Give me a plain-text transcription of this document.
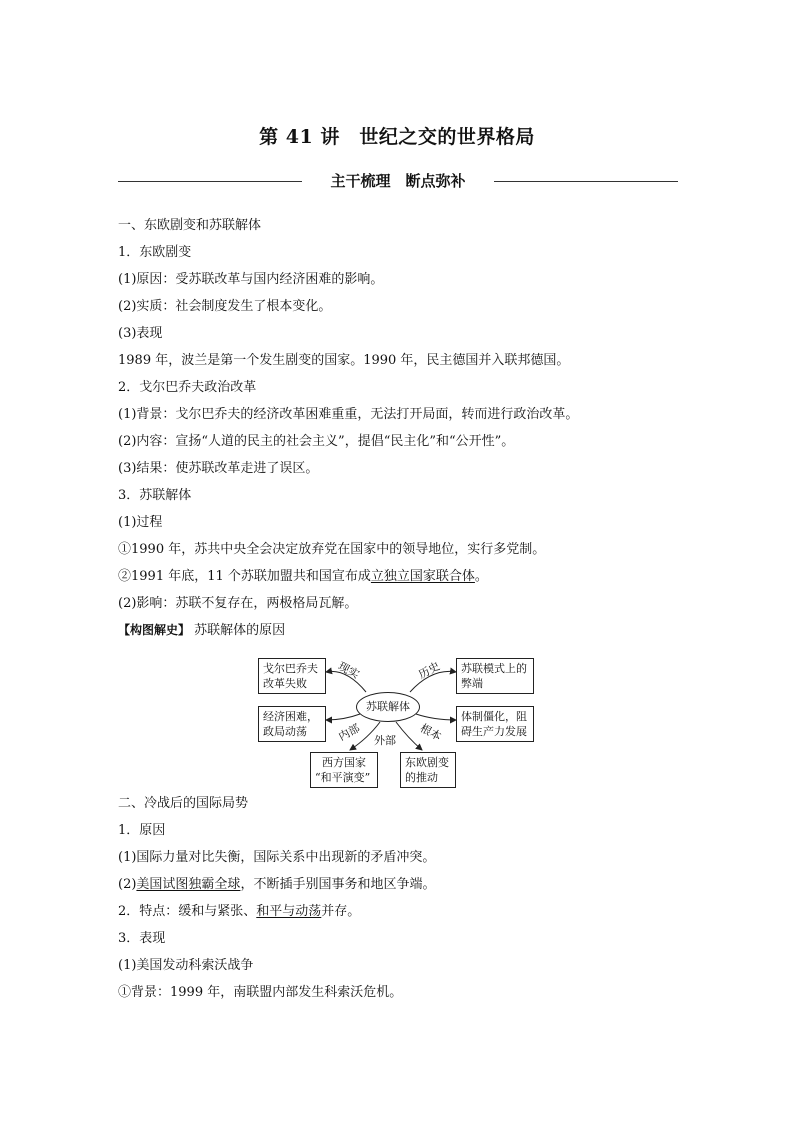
第 41 讲　世纪之交的世界格局
主干梳理　断点弥补
一、东欧剧变和苏联解体
1．东欧剧变
(1)原因：受苏联改革与国内经济困难的影响。
(2)实质：社会制度发生了根本变化。
(3)表现
1989 年，波兰是第一个发生剧变的国家。1990 年，民主德国并入联邦德国。
2．戈尔巴乔夫政治改革
(1)背景：戈尔巴乔夫的经济改革困难重重，无法打开局面，转而进行政治改革。
(2)内容：宣扬“人道的民主的社会主义”，提倡“民主化”和“公开性”。
(3)结果：使苏联改革走进了误区。
3．苏联解体
(1)过程
①1990 年，苏共中央全会决定放弃党在国家中的领导地位，实行多党制。
②1991 年底，11 个苏联加盟共和国宣布成立独立国家联合体。
(2)影响：苏联不复存在，两极格局瓦解。
【构图解史】 苏联解体的原因
苏联解体
戈尔巴乔夫
改革失败
经济困难，
政局动荡
苏联模式上的
弊端
体制僵化，阻
碍生产力发展
西方国家
“和平演变”
东欧剧变
的推动
现实	历史
内部	根本
外部
二、冷战后的国际局势
1．原因
(1)国际力量对比失衡，国际关系中出现新的矛盾冲突。
(2)美国试图独霸全球，不断插手别国事务和地区争端。
2．特点：缓和与紧张、和平与动荡并存。
3．表现
(1)美国发动科索沃战争
①背景：1999 年，南联盟内部发生科索沃危机。
